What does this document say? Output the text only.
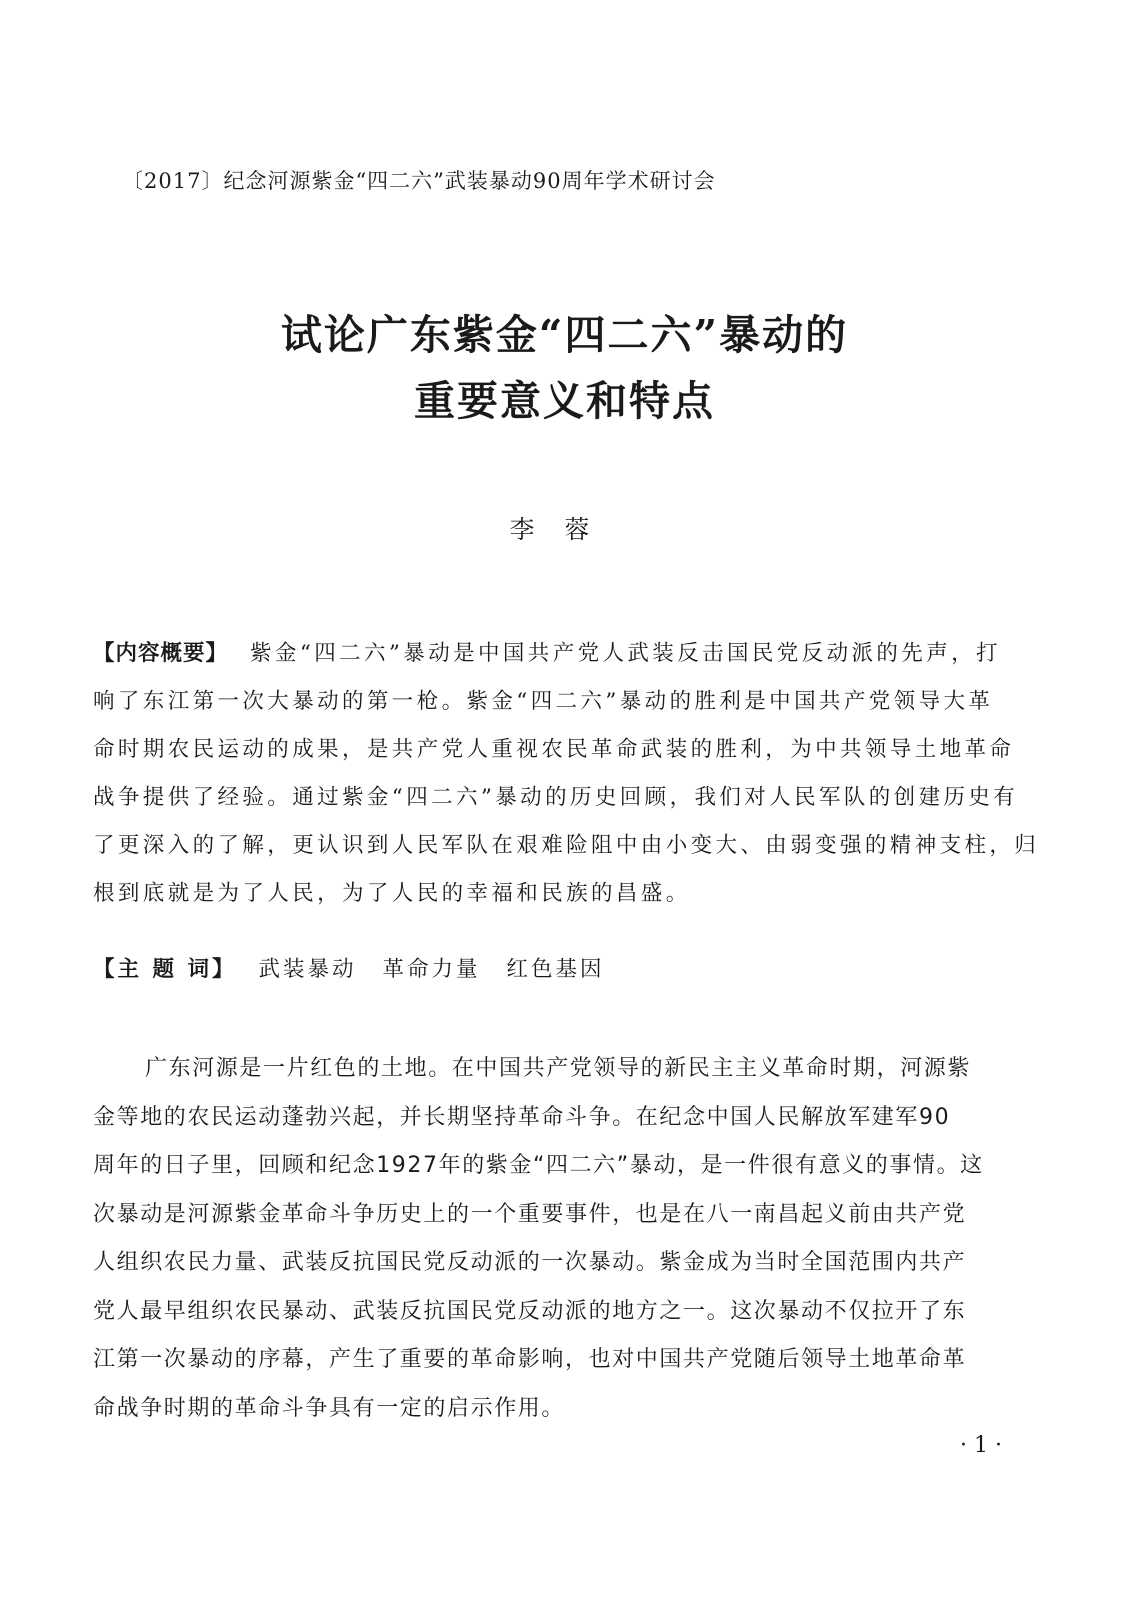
〔2017〕纪念河源紫金“四二六”武装暴动90周年学术研讨会
试论广东紫金“四二六”暴动的
重要意义和特点
李蓉
【内容概要】 紫金“四二六”暴动是中国共产党人武装反击国民党反动派的先声，打
响了东江第一次大暴动的第一枪。紫金“四二六”暴动的胜利是中国共产党领导大革
命时期农民运动的成果，是共产党人重视农民革命武装的胜利，为中共领导土地革命
战争提供了经验。通过紫金“四二六”暴动的历史回顾，我们对人民军队的创建历史有
了更深入的了解，更认识到人民军队在艰难险阻中由小变大、由弱变强的精神支柱，归
根到底就是为了人民，为了人民的幸福和民族的昌盛。
【主 题 词】 武装暴动 革命力量 红色基因
广东河源是一片红色的土地。在中国共产党领导的新民主主义革命时期，河源紫
金等地的农民运动蓬勃兴起，并长期坚持革命斗争。在纪念中国人民解放军建军90
周年的日子里，回顾和纪念1927年的紫金“四二六”暴动，是一件很有意义的事情。这
次暴动是河源紫金革命斗争历史上的一个重要事件，也是在八一南昌起义前由共产党
人组织农民力量、武装反抗国民党反动派的一次暴动。紫金成为当时全国范围内共产
党人最早组织农民暴动、武装反抗国民党反动派的地方之一。这次暴动不仅拉开了东
江第一次暴动的序幕，产生了重要的革命影响，也对中国共产党随后领导土地革命革
命战争时期的革命斗争具有一定的启示作用。
· 1 ·
